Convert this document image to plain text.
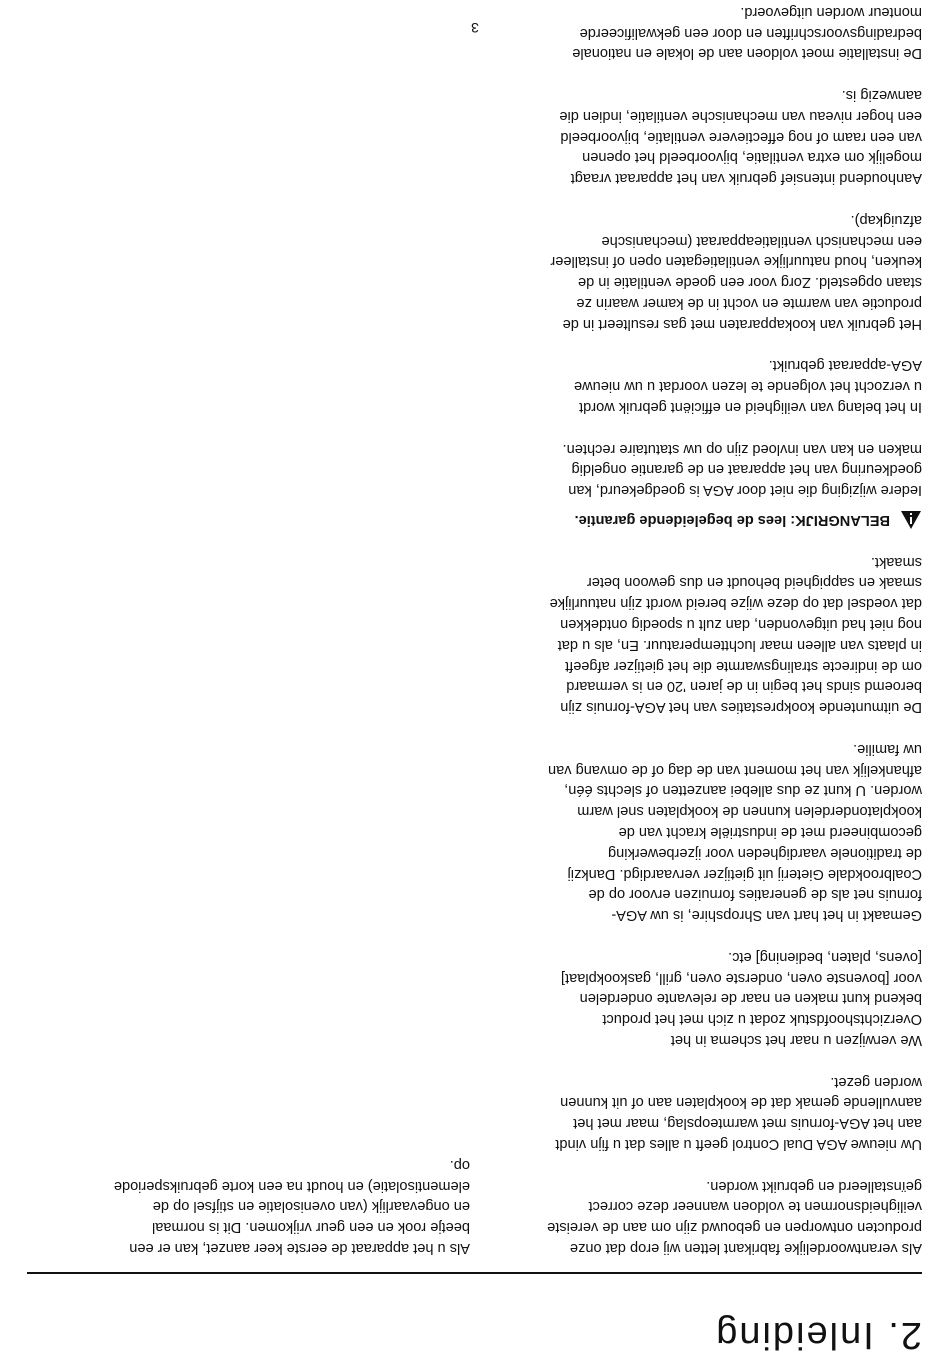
2. Inleiding

Als verantwoordelijke fabrikant letten wij erop dat onze
producten ontworpen en gebouwd zijn om aan de vereiste
veiligheidsnormen te voldoen wanneer deze correct
geïnstalleerd en gebruikt worden.

Uw nieuwe AGA Dual Control geeft u alles dat u fijn vindt
aan het AGA-fornuis met warmteopslag, maar met het
aanvullende gemak dat de kookplaten aan of uit kunnen
worden gezet.

We verwijzen u naar het schema in het
Overzichtshoofdstuk zodat u zich met het product
bekend kunt maken en naar de relevante onderdelen
voor [bovenste oven, onderste oven, grill, gaskookplaat]
[ovens, platen, bediening] etc.

Gemaakt in het hart van Shropshire, is uw AGA-
fornuis net als de generaties fornuizen ervoor op de
Coalbrookdale Gieterij uit gietijzer vervaardigd. Dankzij
de traditionele vaardigheden voor ijzerbewerking
gecombineerd met de industriële kracht van de
kookplatonderdelen kunnen de kookplaten snel warm
worden. U kunt ze dus allebei aanzetten of slechts één,
afhankelijk van het moment van de dag of de omvang van
uw familie.

De uitmuntende kookprestaties van het AGA-fornuis zijn
beroemd sinds het begin in de jaren '20 en is vermaard
om de indirecte stralingswarmte die het gietijzer afgeeft
in plaats van alleen maar luchttemperatuur. En, als u dat
nog niet had uitgevonden, dan zult u spoedig ontdekken
dat voedsel dat op deze wijze bereid wordt zijn natuurlijke
smaak en sappigheid behoudt en dus gewoon beter
smaakt.

BELANGRIJK: lees de begeleidende garantie.

Iedere wijziging die niet door AGA is goedgekeurd, kan
goedkeuring van het apparaat en de garantie ongeldig
maken en kan van invloed zijn op uw statutaire rechten.

In het belang van veiligheid en efficiënt gebruik wordt
u verzocht het volgende te lezen voordat u uw nieuwe
AGA-apparaat gebruikt.

Het gebruik van kookapparaten met gas resulteert in de
productie van warmte en vocht in de kamer waarin ze
staan opgesteld. Zorg voor een goede ventilatie in de
keuken, houd natuurlijke ventilatiegaten open of installeer
een mechanisch ventilatieapparaat (mechanische
afzuigkap).

Aanhoudend intensief gebruik van het apparaat vraagt
mogelijk om extra ventilatie, bijvoorbeeld het openen
van een raam of nog effectievere ventilatie, bijvoorbeeld
een hoger niveau van mechanische ventilatie, indien die
aanwezig is.

De installatie moet voldoen aan de lokale en nationale
bedradingsvoorschriften en door een gekwalificeerde
monteur worden uitgevoerd.

Als u het apparaat de eerste keer aanzet, kan er een
beetje rook en een geur vrijkomen. Dit is normaal
en ongevaarlijk (van ovenisolatie en stijfsel op de
elementisolatie) en houdt na een korte gebruiksperiode
op.

3
